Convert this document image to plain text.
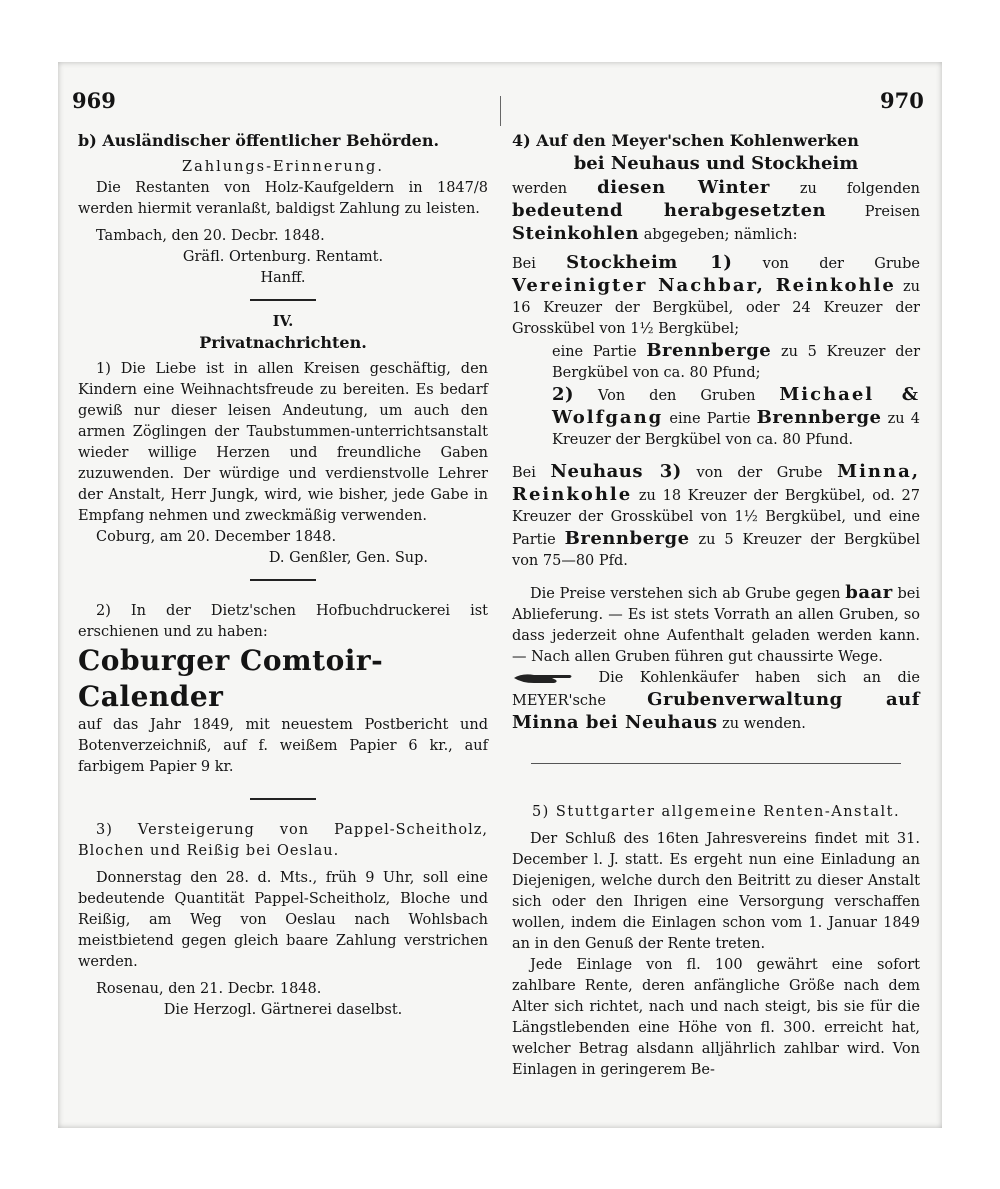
969	970

b) Ausländischer öffentlicher Behörden.

Zahlungs-Erinnerung.

Die Restanten von Holz-Kaufgeldern in 1847/8 werden hiermit veranlaßt, baldigst Zahlung zu leisten.

Tambach, den 20. Decbr. 1848.

Gräfl. Ortenburg. Rentamt.

Hanff.

IV.

Privatnachrichten.

1) Die Liebe ist in allen Kreisen geschäftig, den Kindern eine Weihnachtsfreude zu bereiten. Es bedarf gewiß nur dieser leisen Andeutung, um auch den armen Zöglingen der Taubstummen-unterrichtsanstalt wieder willige Herzen und freundliche Gaben zuzuwenden. Der würdige und verdienstvolle Lehrer der Anstalt, Herr Jungk, wird, wie bisher, jede Gabe in Empfang nehmen und zweckmäßig verwenden.

Coburg, am 20. December 1848.

D. Genßler, Gen. Sup.

2) In der Dietz'schen Hofbuchdruckerei ist erschienen und zu haben:

Coburger Comtoir-Calender

auf das Jahr 1849, mit neuestem Postbericht und Botenverzeichniß, auf f. weißem Papier 6 kr., auf farbigem Papier 9 kr.

3) Versteigerung von Pappel-Scheitholz, Blochen und Reißig bei Oeslau.

Donnerstag den 28. d. Mts., früh 9 Uhr, soll eine bedeutende Quantität Pappel-Scheitholz, Bloche und Reißig, am Weg von Oeslau nach Wohlsbach meistbietend gegen gleich baare Zahlung verstrichen werden.

Rosenau, den 21. Decbr. 1848.

Die Herzogl. Gärtnerei daselbst.

4) Auf den Meyer'schen Kohlenwerken

bei Neuhaus und Stockheim

werden diesen Winter zu folgenden bedeutend herabgesetzten	Preisen Steinkohlen abgegeben; nämlich:

Bei Stockheim 1) von der Grube Vereinigter Nachbar, Reinkohle zu 16 Kreuzer der Bergkübel, oder 24 Kreuzer der Grosskübel von 1½ Bergkübel;

eine Partie Brennberge zu 5 Kreuzer der Bergkübel von ca. 80 Pfund;

2) Von den Gruben Michael & Wolfgang eine Partie Brennberge zu 4 Kreuzer der Bergkübel von ca. 80 Pfund.

Bei Neuhaus 3) von der Grube Minna, Reinkohle zu 18 Kreuzer der Bergkübel, od. 27 Kreuzer der Grosskübel von 1½ Bergkübel, und eine Partie Brennberge zu 5 Kreuzer der Bergkübel von 75—80 Pfd.

Die Preise verstehen sich ab Grube gegen baar bei Ablieferung. — Es ist stets Vorrath an allen Gruben, so dass jederzeit ohne Aufenthalt geladen werden kann. — Nach allen Gruben führen gut chaussirte Wege.

Die Kohlenkäufer haben sich an die MEYER'sche Grubenverwaltung auf Minna bei Neuhaus zu wenden.

5) Stuttgarter allgemeine Renten-Anstalt.

Der Schluß des 16ten Jahresvereins findet mit 31. December l. J. statt. Es ergeht nun eine Einladung an Diejenigen, welche durch den Beitritt zu dieser Anstalt sich oder den Ihrigen eine Versorgung verschaffen wollen, indem die Einlagen schon vom 1. Januar 1849 an in den Genuß der Rente treten.

Jede Einlage von fl. 100 gewährt eine sofort zahlbare Rente, deren anfängliche Größe nach dem Alter sich richtet, nach und nach steigt, bis sie für die Längstlebenden eine Höhe von fl. 300. erreicht hat, welcher Betrag alsdann alljährlich zahlbar wird. Von Einlagen in geringerem Be-
